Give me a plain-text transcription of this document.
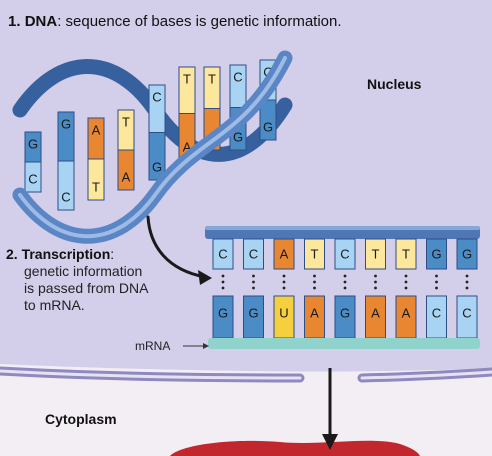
G
C
G
C
A
T
T
A
C
G
T
A
T
A
C
G
C
G
C C A T C T T G G
G G U A G A A C C
1. DNA: sequence of bases is genetic information.
Nucleus
2. Transcription:
genetic information
is passed from DNA
to mRNA.
mRNA
Cytoplasm
